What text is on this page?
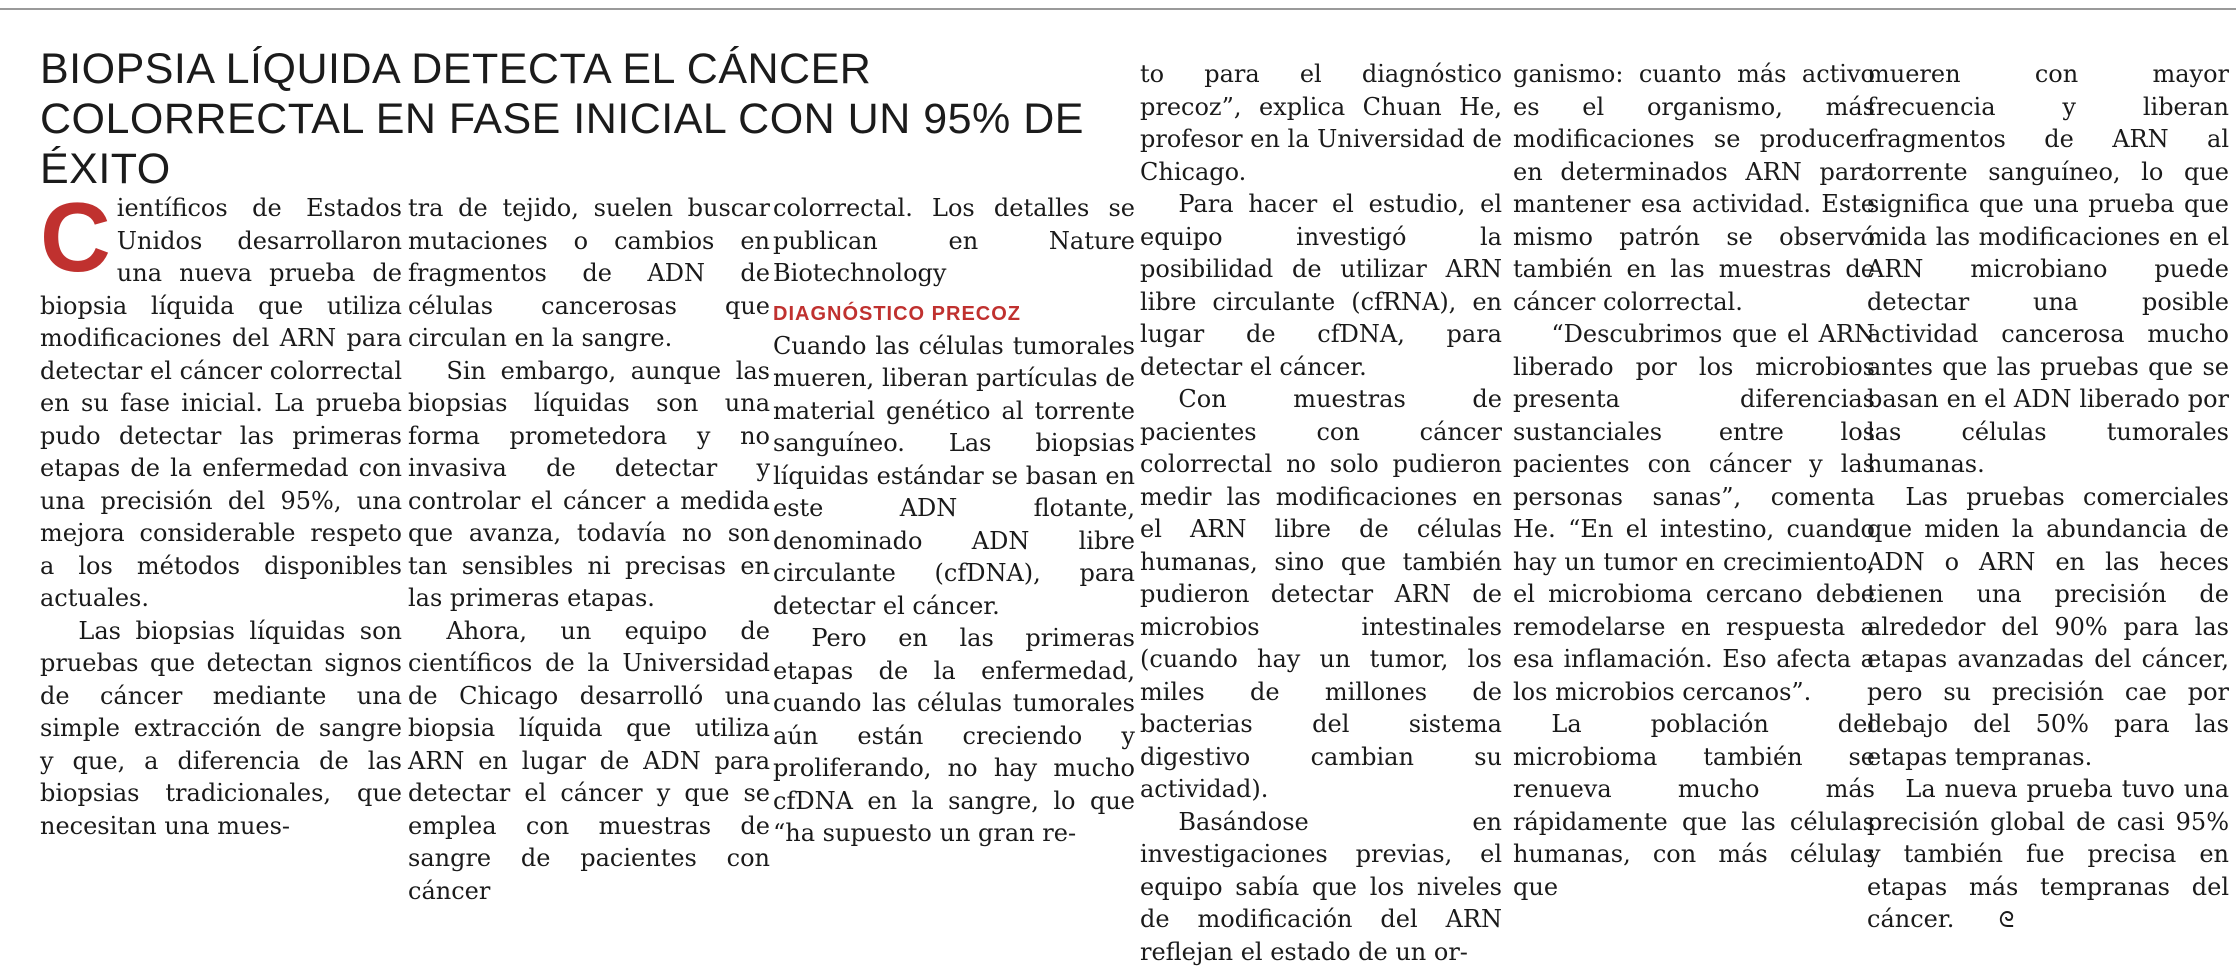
BIOPSIA LÍQUIDA DETECTA EL CÁNCER COLORRECTAL EN FASE INICIAL CON UN 95% DE ÉXITO

Científicos de Estados Unidos desarrollaron una nueva prueba de biopsia líquida que utiliza modificaciones del ARN para detectar el cáncer colorrectal en su fase inicial. La prueba pudo detectar las primeras etapas de la enfermedad con una precisión del 95%, una mejora considerable respeto a los métodos disponibles actuales.

Las biopsias líquidas son pruebas que detectan signos de cáncer mediante una simple extracción de sangre y que, a diferencia de las biopsias tradicionales, que necesitan una mues-

tra de tejido, suelen buscar mutaciones o cambios en fragmentos de ADN de células cancerosas que circulan en la sangre.

Sin embargo, aunque las biopsias líquidas son una forma prometedora y no invasiva de detectar y controlar el cáncer a medida que avanza, todavía no son tan sensibles ni precisas en las primeras etapas.

Ahora, un equipo de científicos de la Universidad de Chicago desarrolló una biopsia líquida que utiliza ARN en lugar de ADN para detectar el cáncer y que se emplea con muestras de sangre de pacientes con cáncer

colorrectal. Los detalles se publican en Nature Biotechnology

DIAGNÓSTICO PRECOZ

Cuando las células tumorales mueren, liberan partículas de material genético al torrente sanguíneo. Las biopsias líquidas estándar se basan en este ADN flotante, denominado ADN libre circulante (cfDNA), para detectar el cáncer.

Pero en las primeras etapas de la enfermedad, cuando las células tumorales aún están creciendo y proliferando, no hay mucho cfDNA en la sangre, lo que “ha supuesto un gran re-

to para el diagnóstico precoz”, explica Chuan He, profesor en la Universidad de Chicago.

Para hacer el estudio, el equipo investigó la posibilidad de utilizar ARN libre circulante (cfRNA), en lugar de cfDNA, para detectar el cáncer.

Con muestras de pacientes con cáncer colorrectal no solo pudieron medir las modificaciones en el ARN libre de células humanas, sino que también pudieron detectar ARN de microbios intestinales (cuando hay un tumor, los miles de millones de bacterias del sistema digestivo cambian su actividad).

Basándose en investigaciones previas, el equipo sabía que los niveles de modificación del ARN reflejan el estado de un or-

ganismo: cuanto más activo es el organismo, más modificaciones se producen en determinados ARN para mantener esa actividad. Este mismo patrón se observó también en las muestras de cáncer colorrectal.

“Descubrimos que el ARN liberado por los microbios presenta diferencias sustanciales entre los pacientes con cáncer y las personas sanas”, comenta He. “En el intestino, cuando hay un tumor en crecimiento, el microbioma cercano debe remodelarse en respuesta a esa inflamación. Eso afecta a los microbios cercanos”.

La población del microbioma también se renueva mucho más rápidamente que las células humanas, con más células que

mueren con mayor frecuencia y liberan fragmentos de ARN al torrente sanguíneo, lo que significa que una prueba que mida las modificaciones en el ARN microbiano puede detectar una posible actividad cancerosa mucho antes que las pruebas que se basan en el ADN liberado por las células tumorales humanas.

Las pruebas comerciales que miden la abundancia de ADN o ARN en las heces tienen una precisión de alrededor del 90% para las etapas avanzadas del cáncer, pero su precisión cae por debajo del 50% para las etapas tempranas.

La nueva prueba tuvo una precisión global de casi 95% y también fue precisa en etapas más tempranas del cáncer. ᘓ
